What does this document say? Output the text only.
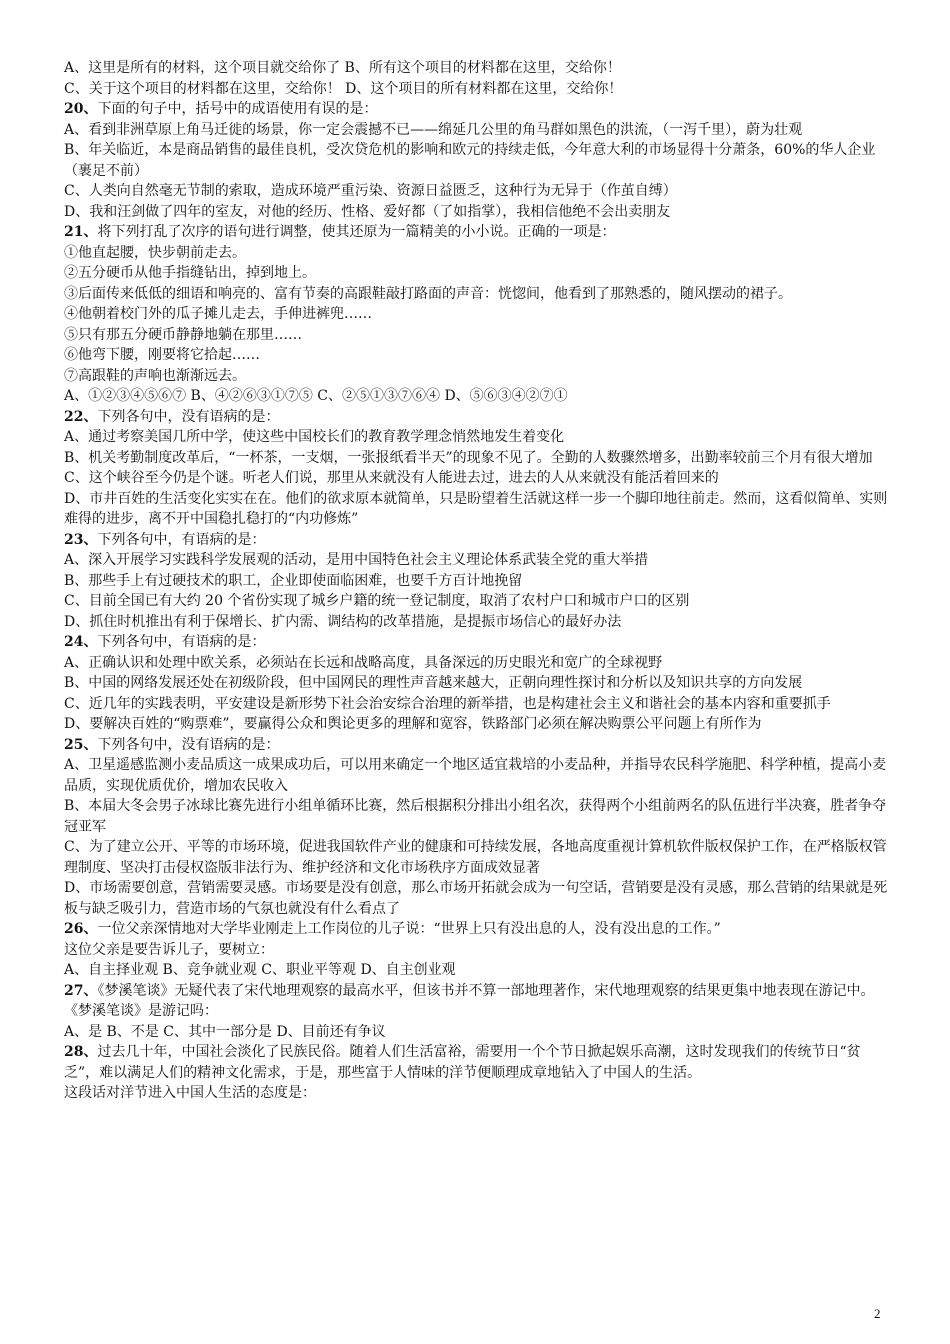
A、这里是所有的材料，这个项目就交给你了 B、所有这个项目的材料都在这里，交给你！

C、关于这个项目的材料都在这里，交给你！ D、这个项目的所有材料都在这里，交给你！

20、下面的句子中，括号中的成语使用有误的是：

A、看到非洲草原上角马迁徙的场景，你一定会震撼不已——绵延几公里的角马群如黑色的洪流，（一泻千里），蔚为壮观

B、年关临近，本是商品销售的最佳良机，受次贷危机的影响和欧元的持续走低，今年意大利的市场显得十分萧条，60%的华人企业（裹足不前）

C、人类向自然毫无节制的索取，造成环境严重污染、资源日益匮乏，这种行为无异于（作茧自缚）

D、我和汪剑做了四年的室友，对他的经历、性格、爱好都（了如指掌），我相信他绝不会出卖朋友

21、将下列打乱了次序的语句进行调整，使其还原为一篇精美的小小说。正确的一项是：

①他直起腰，快步朝前走去。

②五分硬币从他手指缝钻出，掉到地上。

③后面传来低低的细语和响亮的、富有节奏的高跟鞋敲打路面的声音：恍惚间，他看到了那熟悉的，随风摆动的裙子。

④他朝着校门外的瓜子摊儿走去，手伸进裤兜……

⑤只有那五分硬币静静地躺在那里……

⑥他弯下腰，刚要将它拾起……

⑦高跟鞋的声响也渐渐远去。

A、①②③④⑤⑥⑦ B、④②⑥③①⑦⑤ C、②⑤①③⑦⑥④ D、⑤⑥③④②⑦①

22、下列各句中，没有语病的是：

A、通过考察美国几所中学，使这些中国校长们的教育教学理念悄然地发生着变化

B、机关考勤制度改革后，“一杯茶，一支烟，一张报纸看半天”的现象不见了。全勤的人数骤然增多，出勤率较前三个月有很大增加

C、这个峡谷至今仍是个谜。听老人们说，那里从来就没有人能进去过，进去的人从来就没有能活着回来的

D、市井百姓的生活变化实实在在。他们的欲求原本就简单，只是盼望着生活就这样一步一个脚印地往前走。然而，这看似简单、实则难得的进步，离不开中国稳扎稳打的“内功修炼”

23、下列各句中，有语病的是：

A、深入开展学习实践科学发展观的活动，是用中国特色社会主义理论体系武装全党的重大举措

B、那些手上有过硬技术的职工，企业即使面临困难，也要千方百计地挽留

C、目前全国已有大约 20 个省份实现了城乡户籍的统一登记制度，取消了农村户口和城市户口的区别

D、抓住时机推出有利于保增长、扩内需、调结构的改革措施，是提振市场信心的最好办法

24、下列各句中，有语病的是：

A、正确认识和处理中欧关系，必须站在长远和战略高度，具备深远的历史眼光和宽广的全球视野

B、中国的网络发展还处在初级阶段，但中国网民的理性声音越来越大，正朝向理性探讨和分析以及知识共享的方向发展

C、近几年的实践表明，平安建设是新形势下社会治安综合治理的新举措，也是构建社会主义和谐社会的基本内容和重要抓手

D、要解决百姓的“购票难”，要赢得公众和舆论更多的理解和宽容，铁路部门必须在解决购票公平问题上有所作为

25、下列各句中，没有语病的是：

A、卫星遥感监测小麦品质这一成果成功后，可以用来确定一个地区适宜栽培的小麦品种，并指导农民科学施肥、科学种植，提高小麦品质，实现优质优价，增加农民收入

B、本届大冬会男子冰球比赛先进行小组单循环比赛，然后根据积分排出小组名次，获得两个小组前两名的队伍进行半决赛，胜者争夺冠亚军

C、为了建立公开、平等的市场环境，促进我国软件产业的健康和可持续发展，各地高度重视计算机软件版权保护工作，在严格版权管理制度、坚决打击侵权盗版非法行为、维护经济和文化市场秩序方面成效显著

D、市场需要创意，营销需要灵感。市场要是没有创意，那么市场开拓就会成为一句空话，营销要是没有灵感，那么营销的结果就是死板与缺乏吸引力，营造市场的气氛也就没有什么看点了

26、一位父亲深情地对大学毕业刚走上工作岗位的儿子说：“世界上只有没出息的人，没有没出息的工作。”

这位父亲是要告诉儿子，要树立：

A、自主择业观 B、竞争就业观 C、职业平等观 D、自主创业观

27、《梦溪笔谈》无疑代表了宋代地理观察的最高水平，但该书并不算一部地理著作，宋代地理观察的结果更集中地表现在游记中。

《梦溪笔谈》是游记吗：

A、是 B、不是 C、其中一部分是 D、目前还有争议

28、过去几十年，中国社会淡化了民族民俗。随着人们生活富裕，需要用一个个节日掀起娱乐高潮，这时发现我们的传统节日“贫乏”，难以满足人们的精神文化需求，于是，那些富于人情味的洋节便顺理成章地钻入了中国人的生活。

这段话对洋节进入中国人生活的态度是：

2
